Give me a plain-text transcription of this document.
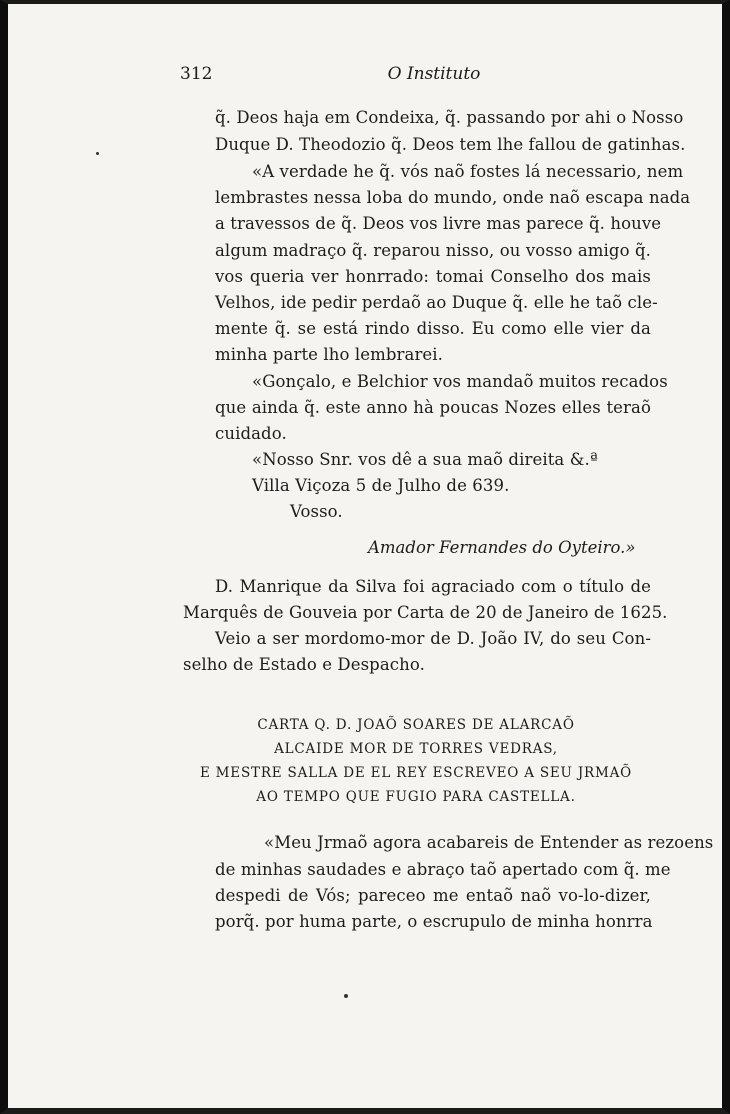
312	O Instituto
q̃. Deos haja em Condeixa, q̃. passando por ahi o Nosso
Duque D. Theodozio q̃. Deos tem lhe fallou de gatinhas.
«A verdade he q̃. vós naõ fostes lá necessario, nem
lembrastes nessa loba do mundo, onde naõ escapa nada
a travessos de q̃. Deos vos livre mas parece q̃. houve
algum madraço q̃. reparou nisso, ou vosso amigo q̃.
vos queria ver honrrado: tomai Conselho dos mais
Velhos, ide pedir perdaõ ao Duque q̃. elle he taõ cle-
mente q̃. se está rindo disso. Eu como elle vier da
minha parte lho lembrarei.
«Gonçalo, e Belchior vos mandaõ muitos recados
que ainda q̃. este anno hà poucas Nozes elles teraõ
cuidado.
«Nosso Snr. vos dê a sua maõ direita &.ª
Villa Viçoza 5 de Julho de 639.
Vosso.
Amador Fernandes do Oyteiro.»
D. Manrique da Silva foi agraciado com o título de
Marquês de Gouveia por Carta de 20 de Janeiro de 1625.
Veio a ser mordomo-mor de D. João IV, do seu Con-
selho de Estado e Despacho.
CARTA Q. D. JOAÕ SOARES DE ALARCAÕ
ALCAIDE MOR DE TORRES VEDRAS,
E MESTRE SALLA DE EL REY ESCREVEO A SEU JRMAÕ
AO TEMPO QUE FUGIO PARA CASTELLA.
«Meu Jrmaõ agora acabareis de Entender as rezoens
de minhas saudades e abraço taõ apertado com q̃. me
despedi de Vós; pareceo me entaõ naõ vo-lo-dizer,
porq̃. por huma parte, o escrupulo de minha honrra
